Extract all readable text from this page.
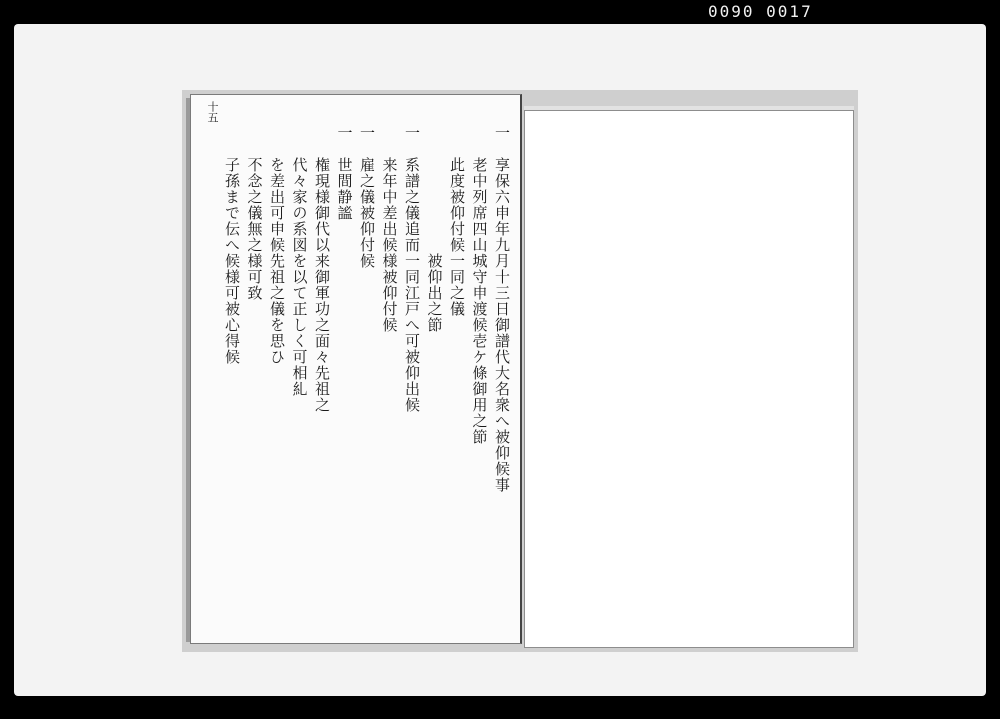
0090 0017
十五
一　享保六申年九月十三日御譜代大名衆へ被仰候事
　　老中列席四山城守申渡候壱ケ條御用之節
　　此度被仰付候一同之儀
　　　　　　　　被仰出之節
一　系譜之儀追而一同江戸へ可被仰出候
　　来年中差出候様被仰付候
一　雇之儀被仰付候
一　世間静謐
　　権現様御代以来御軍功之面々先祖之
　　代々家の系図を以て正しく可相糺
　　を差出可申候先祖之儀を思ひ
　　不念之儀無之様可致
　　子孫まで伝へ候様可被心得候
